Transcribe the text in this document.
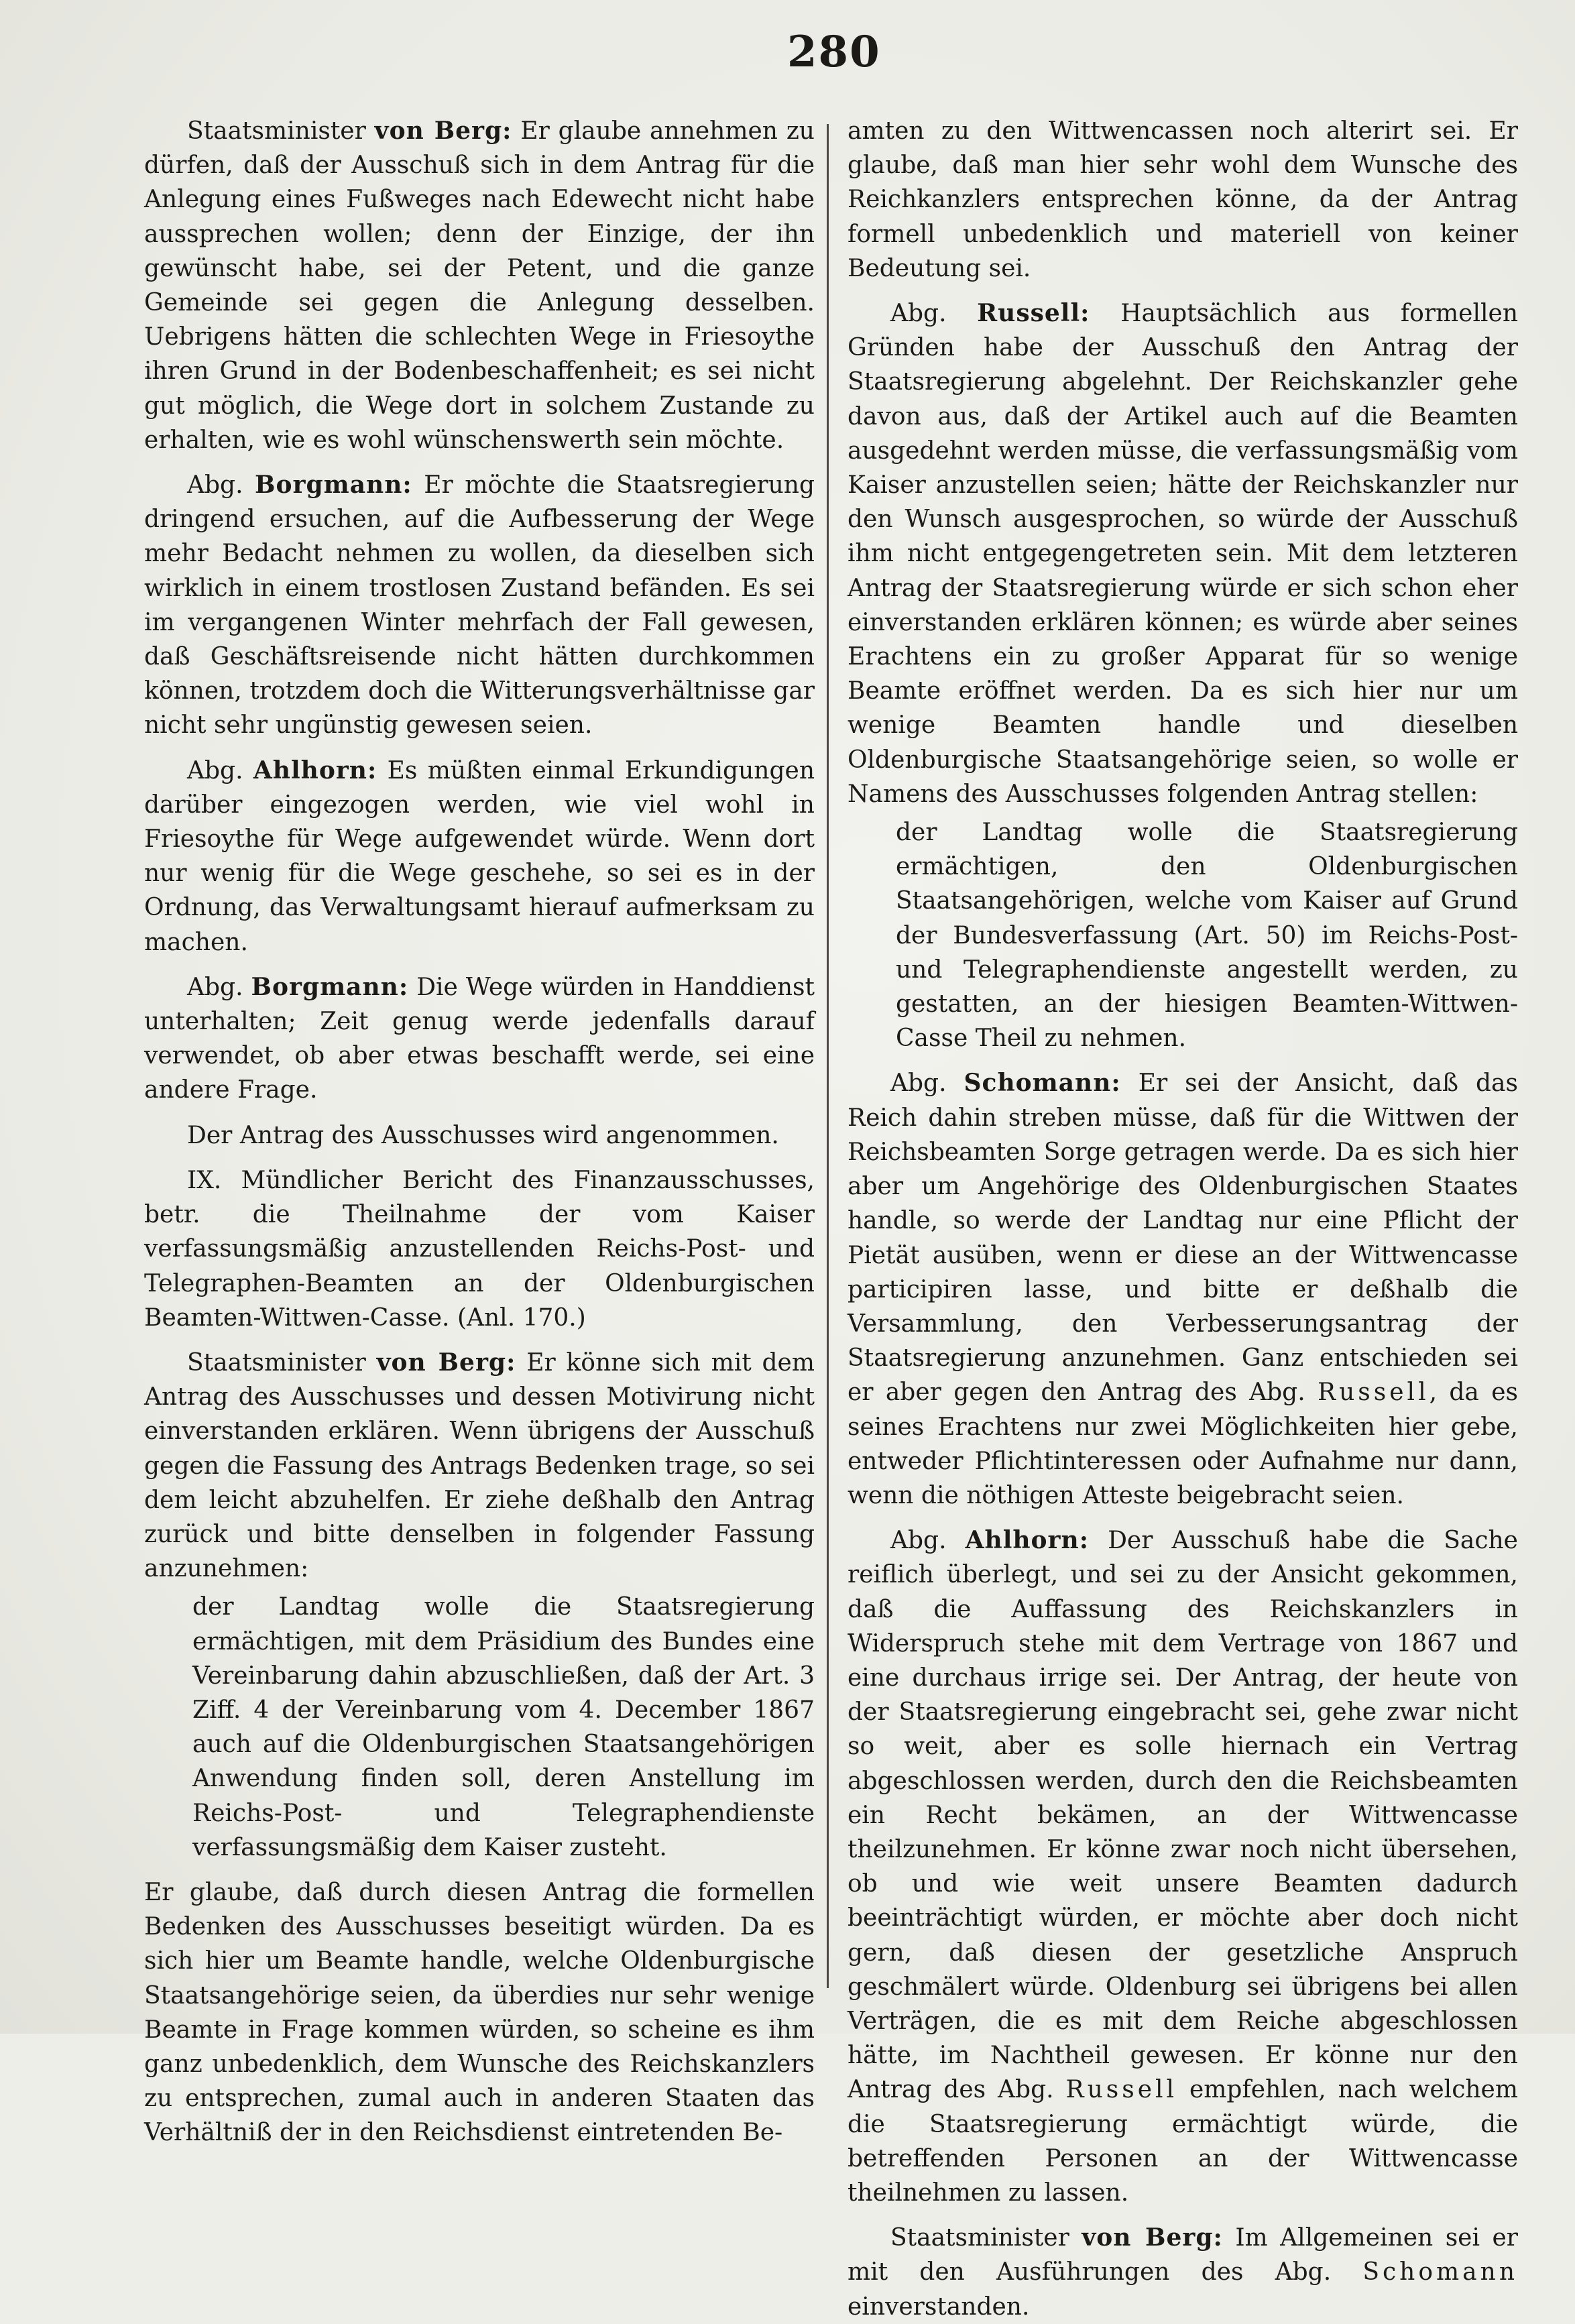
280

Staatsminister von Berg: Er glaube annehmen zu dürfen, daß der Ausschuß sich in dem Antrag für die Anlegung eines Fußweges nach Edewecht nicht habe aussprechen wollen; denn der Einzige, der ihn gewünscht habe, sei der Petent, und die ganze Gemeinde sei gegen die Anlegung desselben. Uebrigens hätten die schlechten Wege in Friesoythe ihren Grund in der Bodenbeschaffenheit; es sei nicht gut möglich, die Wege dort in solchem Zustande zu erhalten, wie es wohl wünschenswerth sein möchte.

Abg. Borgmann: Er möchte die Staatsregierung dringend ersuchen, auf die Aufbesserung der Wege mehr Bedacht nehmen zu wollen, da dieselben sich wirklich in einem trostlosen Zustand befänden. Es sei im vergangenen Winter mehrfach der Fall gewesen, daß Geschäftsreisende nicht hätten durchkommen können, trotzdem doch die Witterungsverhältnisse gar nicht sehr ungünstig gewesen seien.

Abg. Ahlhorn: Es müßten einmal Erkundigungen darüber eingezogen werden, wie viel wohl in Friesoythe für Wege aufgewendet würde. Wenn dort nur wenig für die Wege geschehe, so sei es in der Ordnung, das Verwaltungsamt hierauf aufmerksam zu machen.

Abg. Borgmann: Die Wege würden in Handdienst unterhalten; Zeit genug werde jedenfalls darauf verwendet, ob aber etwas beschafft werde, sei eine andere Frage.

Der Antrag des Ausschusses wird angenommen.

IX. Mündlicher Bericht des Finanzausschusses, betr. die Theilnahme der vom Kaiser verfassungsmäßig anzustellenden Reichs-Post- und Telegraphen-Beamten an der Oldenburgischen Beamten-Wittwen-Casse. (Anl. 170.)

Staatsminister von Berg: Er könne sich mit dem Antrag des Ausschusses und dessen Motivirung nicht einverstanden erklären. Wenn übrigens der Ausschuß gegen die Fassung des Antrags Bedenken trage, so sei dem leicht abzuhelfen. Er ziehe deßhalb den Antrag zurück und bitte denselben in folgender Fassung anzunehmen:

der Landtag wolle die Staatsregierung ermächtigen, mit dem Präsidium des Bundes eine Vereinbarung dahin abzuschließen, daß der Art. 3 Ziff. 4 der Vereinbarung vom 4. December 1867 auch auf die Oldenburgischen Staatsangehörigen Anwendung finden soll, deren Anstellung im Reichs-Post- und Telegraphendienste verfassungsmäßig dem Kaiser zusteht.

Er glaube, daß durch diesen Antrag die formellen Bedenken des Ausschusses beseitigt würden. Da es sich hier um Beamte handle, welche Oldenburgische Staatsangehörige seien, da überdies nur sehr wenige Beamte in Frage kommen würden, so scheine es ihm ganz unbedenklich, dem Wunsche des Reichskanzlers zu entsprechen, zumal auch in anderen Staaten das Verhältniß der in den Reichsdienst eintretenden Be-

amten zu den Wittwencassen noch alterirt sei. Er glaube, daß man hier sehr wohl dem Wunsche des Reichkanzlers entsprechen könne, da der Antrag formell unbedenklich und materiell von keiner Bedeutung sei.

Abg. Russell: Hauptsächlich aus formellen Gründen habe der Ausschuß den Antrag der Staatsregierung abgelehnt. Der Reichskanzler gehe davon aus, daß der Artikel auch auf die Beamten ausgedehnt werden müsse, die verfassungsmäßig vom Kaiser anzustellen seien; hätte der Reichskanzler nur den Wunsch ausgesprochen, so würde der Ausschuß ihm nicht entgegengetreten sein. Mit dem letzteren Antrag der Staatsregierung würde er sich schon eher einverstanden erklären können; es würde aber seines Erachtens ein zu großer Apparat für so wenige Beamte eröffnet werden. Da es sich hier nur um wenige Beamten handle und dieselben Oldenburgische Staatsangehörige seien, so wolle er Namens des Ausschusses folgenden Antrag stellen:

der Landtag wolle die Staatsregierung ermächtigen, den Oldenburgischen Staatsangehörigen, welche vom Kaiser auf Grund der Bundesverfassung (Art. 50) im Reichs-Post- und Telegraphendienste angestellt werden, zu gestatten, an der hiesigen Beamten-Wittwen-Casse Theil zu nehmen.

Abg. Schomann: Er sei der Ansicht, daß das Reich dahin streben müsse, daß für die Wittwen der Reichsbeamten Sorge getragen werde. Da es sich hier aber um Angehörige des Oldenburgischen Staates handle, so werde der Landtag nur eine Pflicht der Pietät ausüben, wenn er diese an der Wittwencasse participiren lasse, und bitte er deßhalb die Versammlung, den Verbesserungsantrag der Staatsregierung anzunehmen. Ganz entschieden sei er aber gegen den Antrag des Abg. Russell, da es seines Erachtens nur zwei Möglichkeiten hier gebe, entweder Pflichtinteressen oder Aufnahme nur dann, wenn die nöthigen Atteste beigebracht seien.

Abg. Ahlhorn: Der Ausschuß habe die Sache reiflich überlegt, und sei zu der Ansicht gekommen, daß die Auffassung des Reichskanzlers in Widerspruch stehe mit dem Vertrage von 1867 und eine durchaus irrige sei. Der Antrag, der heute von der Staatsregierung eingebracht sei, gehe zwar nicht so weit, aber es solle hiernach ein Vertrag abgeschlossen werden, durch den die Reichsbeamten ein Recht bekämen, an der Wittwencasse theilzunehmen. Er könne zwar noch nicht übersehen, ob und wie weit unsere Beamten dadurch beeinträchtigt würden, er möchte aber doch nicht gern, daß diesen der gesetzliche Anspruch geschmälert würde. Oldenburg sei übrigens bei allen Verträgen, die es mit dem Reiche abgeschlossen hätte, im Nachtheil gewesen. Er könne nur den Antrag des Abg. Russell empfehlen, nach welchem die Staatsregierung ermächtigt würde, die betreffenden Personen an der Wittwencasse theilnehmen zu lassen.

Staatsminister von Berg: Im Allgemeinen sei er mit den Ausführungen des Abg. Schomann einverstanden.
